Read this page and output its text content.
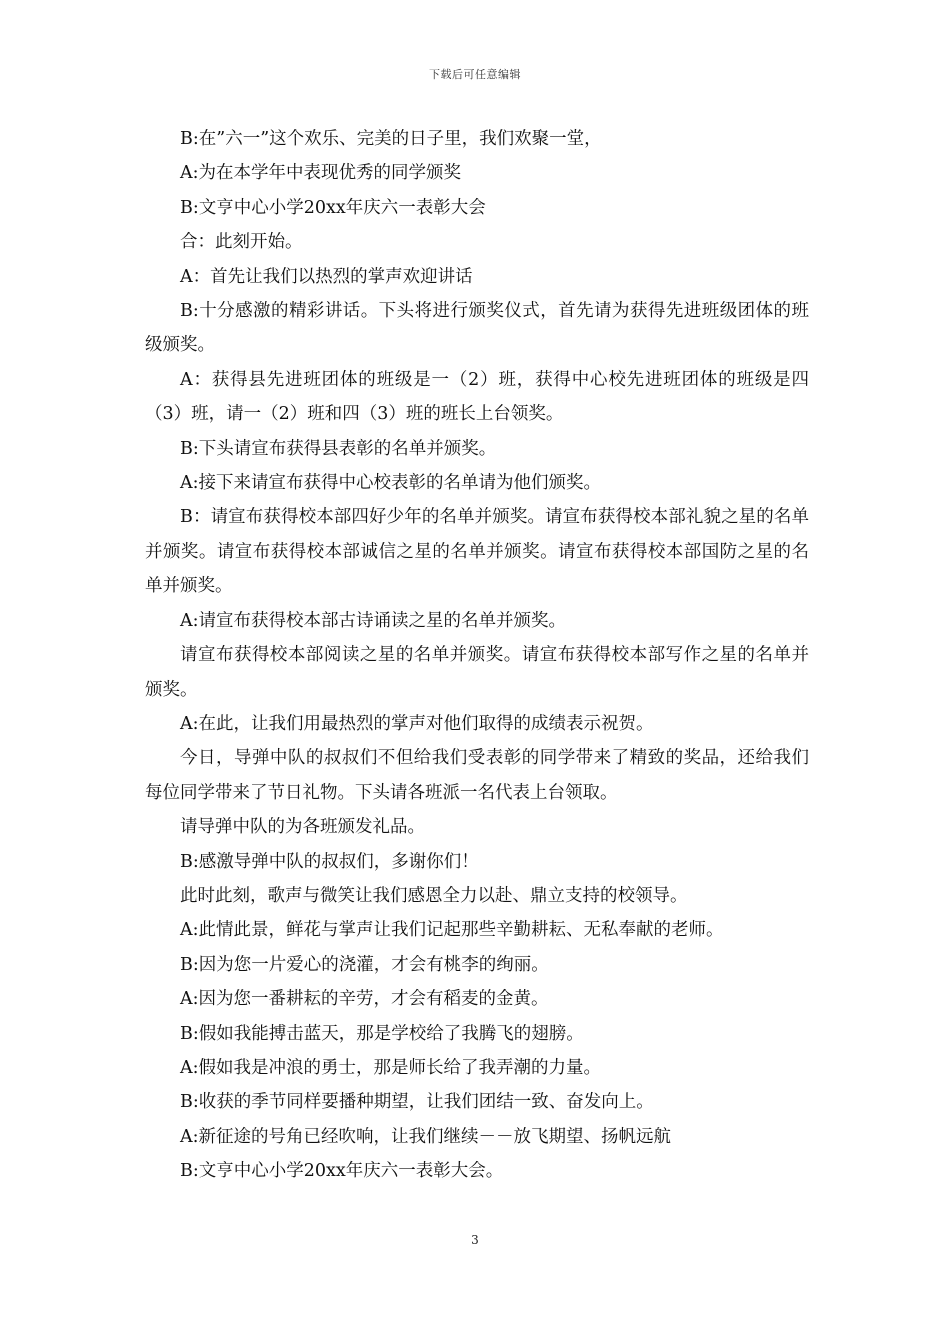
下载后可任意编辑

B:在”六一”这个欢乐、完美的日子里，我们欢聚一堂，

A:为在本学年中表现优秀的同学颁奖

B:文亨中心小学20xx年庆六一表彰大会

合：此刻开始。

A：首先让我们以热烈的掌声欢迎讲话

B:十分感激的精彩讲话。下头将进行颁奖仪式，首先请为获得先进班级团体的班级颁奖。

A：获得县先进班团体的班级是一（2）班，获得中心校先进班团体的班级是四（3）班，请一（2）班和四（3）班的班长上台领奖。

B:下头请宣布获得县表彰的名单并颁奖。

A:接下来请宣布获得中心校表彰的名单请为他们颁奖。

B：请宣布获得校本部四好少年的名单并颁奖。请宣布获得校本部礼貌之星的名单并颁奖。请宣布获得校本部诚信之星的名单并颁奖。请宣布获得校本部国防之星的名单并颁奖。

A:请宣布获得校本部古诗诵读之星的名单并颁奖。

请宣布获得校本部阅读之星的名单并颁奖。请宣布获得校本部写作之星的名单并颁奖。

A:在此，让我们用最热烈的掌声对他们取得的成绩表示祝贺。

今日，导弹中队的叔叔们不但给我们受表彰的同学带来了精致的奖品，还给我们每位同学带来了节日礼物。下头请各班派一名代表上台领取。

请导弹中队的为各班颁发礼品。

B:感激导弹中队的叔叔们，多谢你们！

此时此刻，歌声与微笑让我们感恩全力以赴、鼎立支持的校领导。

A:此情此景，鲜花与掌声让我们记起那些辛勤耕耘、无私奉献的老师。

B:因为您一片爱心的浇灌，才会有桃李的绚丽。

A:因为您一番耕耘的辛劳，才会有稻麦的金黄。

B:假如我能搏击蓝天，那是学校给了我腾飞的翅膀。

A:假如我是冲浪的勇士，那是师长给了我弄潮的力量。

B:收获的季节同样要播种期望，让我们团结一致、奋发向上。

A:新征途的号角已经吹响，让我们继续－－放飞期望、扬帆远航

B:文亨中心小学20xx年庆六一表彰大会。

3
